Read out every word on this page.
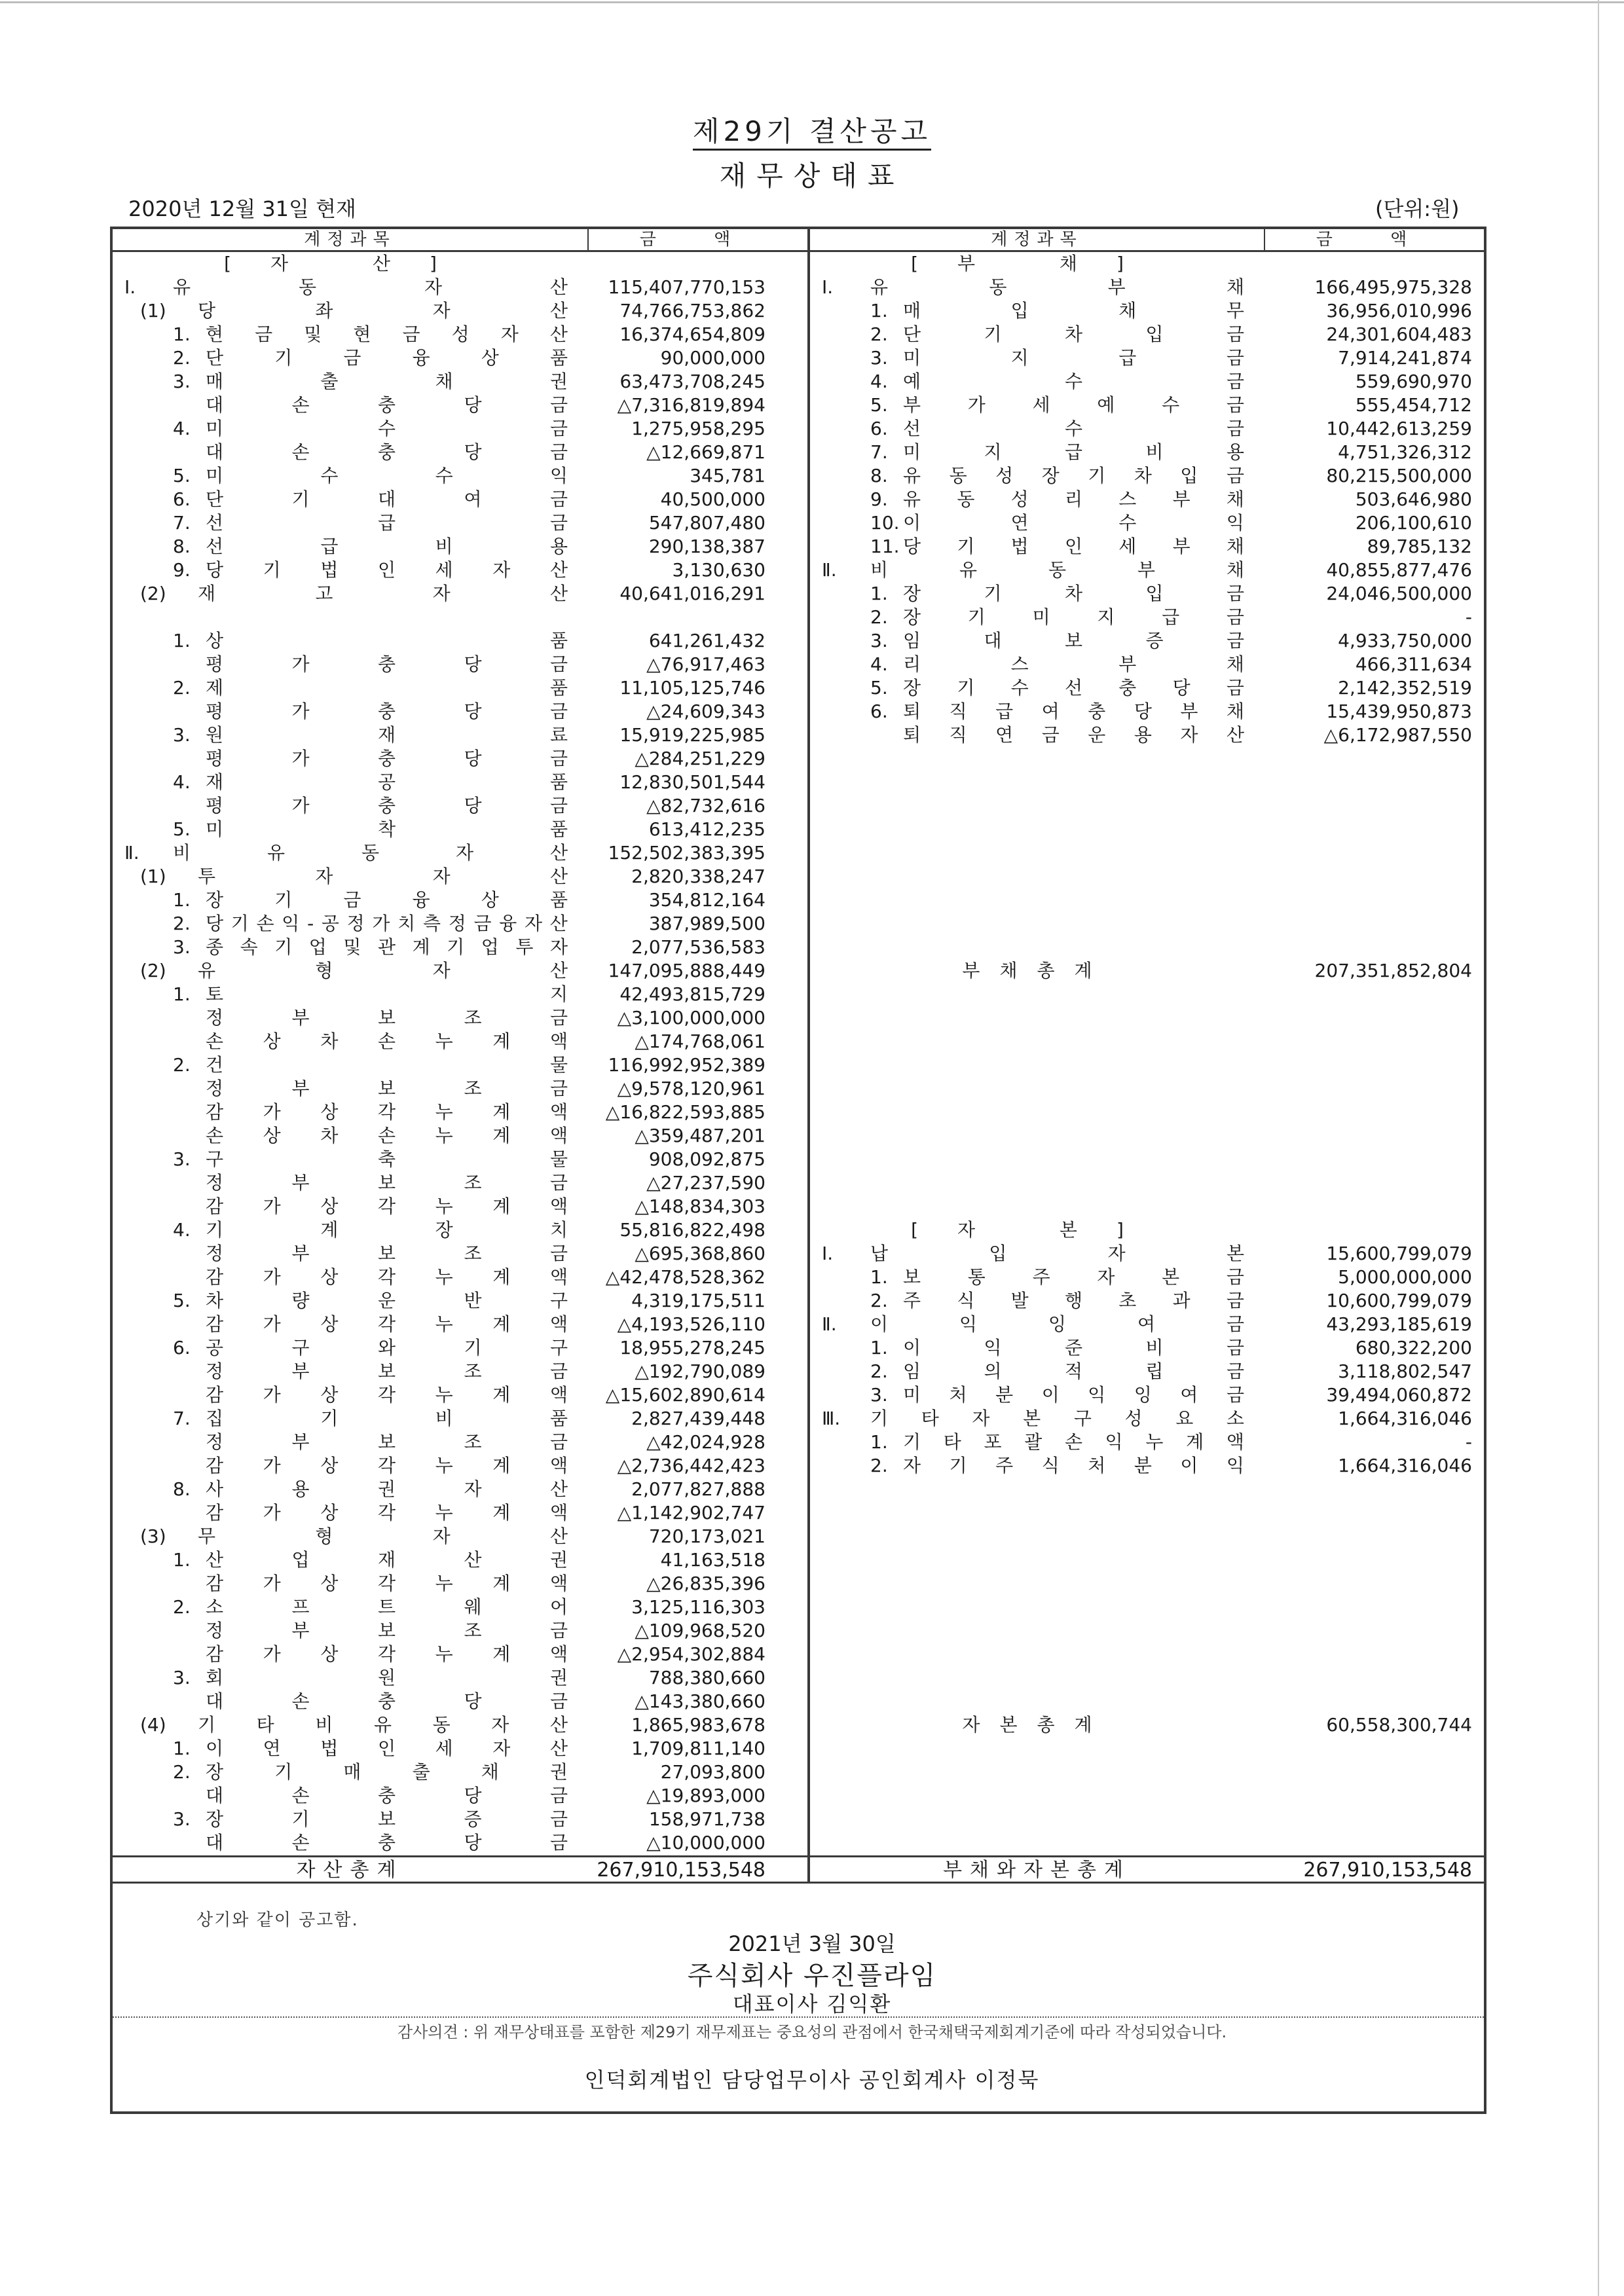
제29기 결산공고
재무상태표
2020년 12월 31일 현재	(단위:원)
계정과목	금 액
[자 산]
Ⅰ. 유	동	자	산 115,407,770,153
(1) 당	좌	자	산	74,766,753,862
1. 현 금 및 현 금 성 자 산	16,374,654,809
2. 단	기	금	융	상	품	90,000,000
3. 매	출	채	권	63,473,708,245
대	손	충	당	금	△7,316,819,894
4. 미	수	금	1,275,958,295
대	손	충	당	금	△12,669,871
5. 미	수	수	익	345,781
6. 단	기	대	여	금	40,500,000
7. 선	급	금	547,807,480
8. 선	급	비	용	290,138,387
9. 당 기 법 인 세 자 산	3,130,630
(2) 재	고	자	산	40,641,016,291
1. 상	품	641,261,432
평	가	충	당	금	△76,917,463
2. 제	품	11,105,125,746
평	가	충	당	금	△24,609,343
3. 원	재	료	15,919,225,985
평	가	충	당	금	△284,251,229
4. 재	공	품	12,830,501,544
평	가	충	당	금	△82,732,616
5. 미	착	품	613,412,235
Ⅱ. 비	유	동	자	산 152,502,383,395
(1) 투	자	자	산	2,820,338,247
1. 장	기	금	융	상	품	354,812,164
2. 당 기 손 익 - 공 정 가 치 측 정 금 융 자 산	387,989,500
3. 종 속 기 업 및 관 계 기 업 투 자	2,077,536,583
(2) 유	형	자	산 147,095,888,449
1. 토	지	42,493,815,729
정	부	보	조	금	△3,100,000,000
손 상 차 손 누 계 액	△174,768,061
2. 건	물 116,992,952,389
정	부	보	조	금	△9,578,120,961
감 가 상 각 누 계 액 △16,822,593,885
손 상 차 손 누 계 액	△359,487,201
3. 구	축	물	908,092,875
정	부	보	조	금	△27,237,590
감 가 상 각 누 계 액	△148,834,303
4. 기	계	장	치	55,816,822,498
정	부	보	조	금	△695,368,860
감 가 상 각 누 계 액 △42,478,528,362
5. 차	량	운	반	구	4,319,175,511
감 가 상 각 누 계 액	△4,193,526,110
6. 공	구	와	기	구	18,955,278,245
정	부	보	조	금	△192,790,089
감 가 상 각 누 계 액 △15,602,890,614
7. 집	기	비	품	2,827,439,448
정	부	보	조	금	△42,024,928
감 가 상 각 누 계 액	△2,736,442,423
8. 사	용	권	자	산	2,077,827,888
감 가 상 각 누 계 액	△1,142,902,747
(3) 무	형	자	산	720,173,021
1. 산	업	재	산	권	41,163,518
감 가 상 각 누 계 액	△26,835,396
2. 소	프	트	웨	어	3,125,116,303
정	부	보	조	금	△109,968,520
감 가 상 각 누 계 액	△2,954,302,884
3. 회	원	권	788,380,660
대	손	충	당	금	△143,380,660
(4) 기 타 비 유 동 자 산	1,865,983,678
1. 이 연 법 인 세 자 산	1,709,811,140
2. 장	기	매	출	채	권	27,093,800
대	손	충	당	금	△19,893,000
3. 장	기	보	증	금	158,971,738
대	손	충	당	금	△10,000,000
계정과목	금 액
[부 채]
Ⅰ. 유	동	부	채	166,495,975,328
1. 매	입	채	무	36,956,010,996
2. 단	기	차	입	금	24,301,604,483
3. 미	지	급	금	7,914,241,874
4. 예	수	금	559,690,970
5. 부	가	세	예	수	금	555,454,712
6. 선	수	금	10,442,613,259
7. 미	지	급	비	용	4,751,326,312
8. 유 동 성 장 기 차 입 금	80,215,500,000
9. 유 동 성 리 스 부 채	503,646,980
10. 이	연	수	익	206,100,610
11. 당 기 법 인 세 부 채	89,785,132
Ⅱ. 비	유	동	부	채	40,855,877,476
1. 장	기	차	입	금	24,046,500,000
2. 장	기	미	지	급	금	-
3. 임	대	보	증	금	4,933,750,000
4. 리	스	부	채	466,311,634
5. 장 기 수 선 충 당 금	2,142,352,519
6. 퇴 직 급 여 충 당 부 채	15,439,950,873
퇴 직 연 금 운 용 자 산	△6,172,987,550
부채총계	207,351,852,804
[자 본]
Ⅰ. 납	입	자	본	15,600,799,079
1. 보	통	주	자	본	금	5,000,000,000
2. 주 식 발 행 초 과 금	10,600,799,079
Ⅱ. 이	익	잉	여	금	43,293,185,619
1. 이	익	준	비	금	680,322,200
2. 임	의	적	립	금	3,118,802,547
3. 미 처 분 이 익 잉 여 금	39,494,060,872
Ⅲ. 기 타 자 본 구 성 요 소	1,664,316,046
1. 기 타 포 괄 손 익 누 계 액	-
2. 자 기 주 식 처 분 이 익	1,664,316,046
자본총계	60,558,300,744
자산총계	267,910,153,548	부채와자본총계	267,910,153,548
상기와 같이 공고함.
2021년 3월 30일
주식회사 우진플라임
대표이사 김익환
감사의견 : 위 재무상태표를 포함한 제29기 재무제표는 중요성의 관점에서 한국채택국제회계기준에 따라 작성되었습니다.
인덕회계법인 담당업무이사 공인회계사 이정묵
